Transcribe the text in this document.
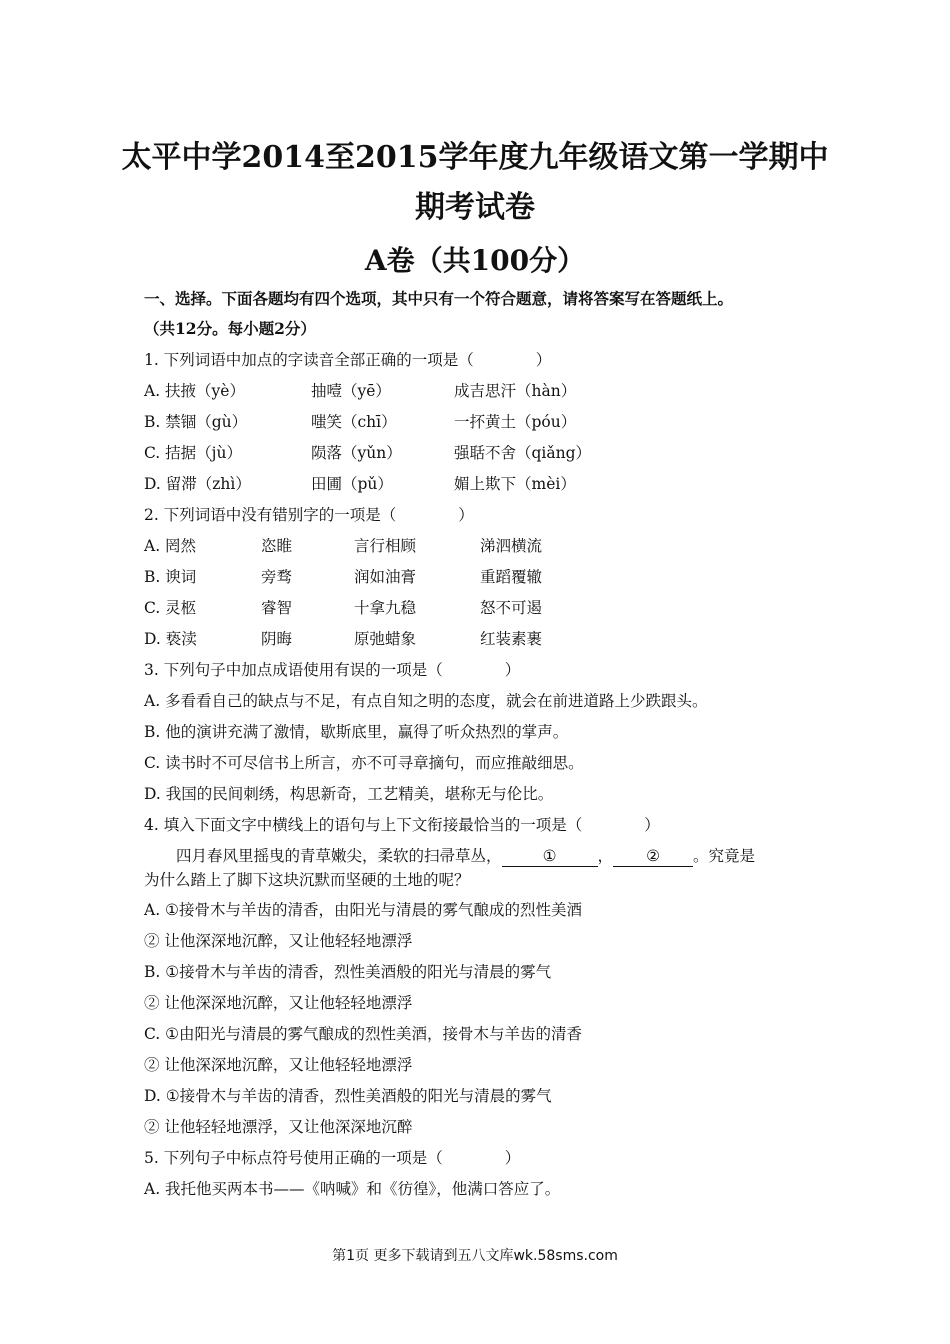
太平中学2014至2015学年度九年级语文第一学期中
期考试卷
A卷（共100分）
一、选择。下面各题均有四个选项，其中只有一个符合题意，请将答案写在答题纸上。
（共12分。每小题2分）
1. 下列词语中加点的字读音全部正确的一项是（　　　　）
A. 扶掖（yè）	抽噎（yē）	成吉思汗（hàn）
B. 禁锢（gù）	嗤笑（chī）	一抔黄土（póu）
C. 拮据（jù）	陨落（yǔn）	强聒不舍（qiǎng）
D. 留滞（zhì）	田圃（pǔ）	媚上欺下（mèi）
2. 下列词语中没有错别字的一项是（　　　　）
A. 罔然	恣睢	言行相顾	涕泗横流
B. 谀词	旁骛	润如油膏	重蹈覆辙
C. 灵柩	睿智	十拿九稳	怒不可遏
D. 亵渎	阴晦	原弛蜡象	红装素裹
3. 下列句子中加点成语使用有误的一项是（　　　　）
A. 多看看自己的缺点与不足，有点自知之明的态度，就会在前进道路上少跌跟头。
B. 他的演讲充满了激情，歇斯底里，赢得了听众热烈的掌声。
C. 读书时不可尽信书上所言，亦不可寻章摘句，而应推敲细思。
D. 我国的民间刺绣，构思新奇，工艺精美，堪称无与伦比。
4. 填入下面文字中横线上的语句与上下文衔接最恰当的一项是（　　　　）
四月春风里摇曳的青草嫩尖，柔软的扫帚草丛，	①	， ② 。究竟是
为什么踏上了脚下这块沉默而坚硬的土地的呢？
A. ①接骨木与羊齿的清香，由阳光与清晨的雾气酿成的烈性美酒
② 让他深深地沉醉，又让他轻轻地漂浮
B. ①接骨木与羊齿的清香，烈性美酒般的阳光与清晨的雾气
② 让他深深地沉醉，又让他轻轻地漂浮
C. ①由阳光与清晨的雾气酿成的烈性美酒，接骨木与羊齿的清香
② 让他深深地沉醉，又让他轻轻地漂浮
D. ①接骨木与羊齿的清香，烈性美酒般的阳光与清晨的雾气
② 让他轻轻地漂浮，又让他深深地沉醉
5. 下列句子中标点符号使用正确的一项是（　　　　）
A. 我托他买两本书——《呐喊》和《彷徨》，他满口答应了。
第1页 更多下载请到五八文库wk.58sms.com
